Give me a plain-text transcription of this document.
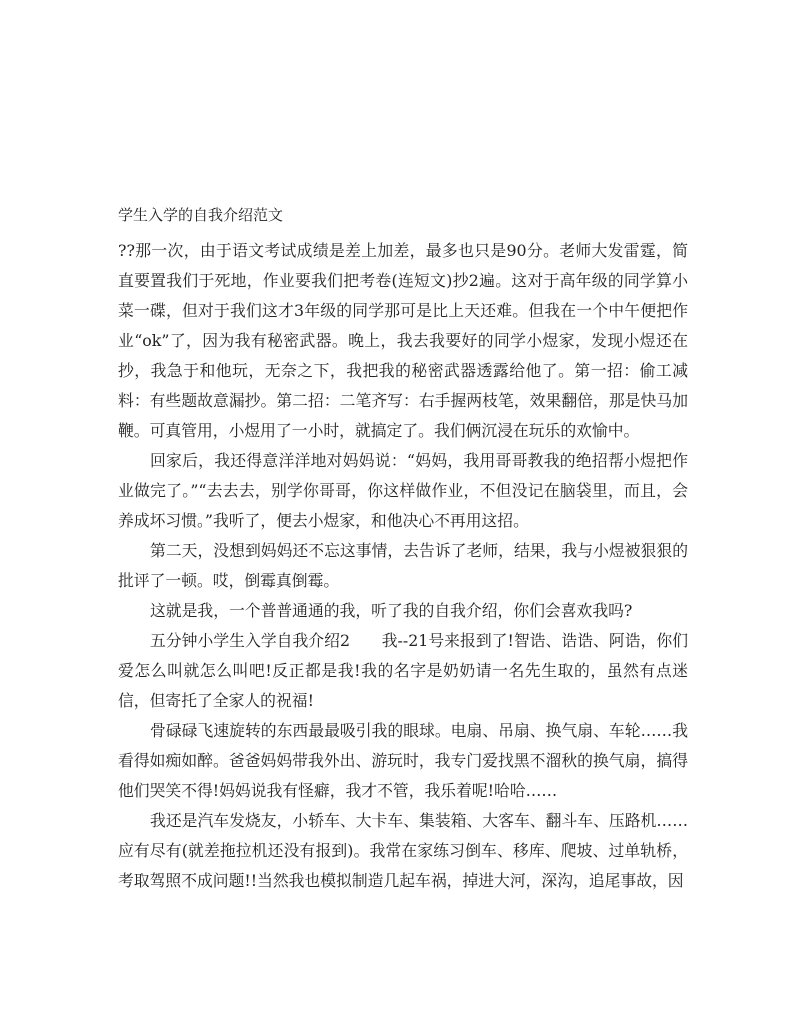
学生入学的自我介绍范文

??那一次，由于语文考试成绩是差上加差，最多也只是90分。老师大发雷霆，简直要置我们于死地，作业要我们把考卷(连短文)抄2遍。这对于高年级的同学算小菜一碟，但对于我们这才3年级的同学那可是比上天还难。但我在一个中午便把作业“ok”了，因为我有秘密武器。晚上，我去我要好的同学小煜家，发现小煜还在抄，我急于和他玩，无奈之下，我把我的秘密武器透露给他了。第一招：偷工减料：有些题故意漏抄。第二招：二笔齐写：右手握两枝笔，效果翻倍，那是快马加鞭。可真管用，小煜用了一小时，就搞定了。我们俩沉浸在玩乐的欢愉中。

回家后，我还得意洋洋地对妈妈说：“妈妈，我用哥哥教我的绝招帮小煜把作业做完了。”“去去去，别学你哥哥，你这样做作业，不但没记在脑袋里，而且，会养成坏习惯。”我听了，便去小煜家，和他决心不再用这招。

第二天，没想到妈妈还不忘这事情，去告诉了老师，结果，我与小煜被狠狠的批评了一顿。哎，倒霉真倒霉。

这就是我，一个普普通通的我，听了我的自我介绍，你们会喜欢我吗?

五分钟小学生入学自我介绍2　　我--21号来报到了!智诰、诰诰、阿诰，你们爱怎么叫就怎么叫吧!反正都是我!我的名字是奶奶请一名先生取的，虽然有点迷信，但寄托了全家人的祝福!

骨碌碌飞速旋转的东西最最吸引我的眼球。电扇、吊扇、换气扇、车轮……我看得如痴如醉。爸爸妈妈带我外出、游玩时，我专门爱找黑不溜秋的换气扇，搞得他们哭笑不得!妈妈说我有怪癖，我才不管，我乐着呢!哈哈……

我还是汽车发烧友，小轿车、大卡车、集装箱、大客车、翻斗车、压路机……应有尽有(就差拖拉机还没有报到)。我常在家练习倒车、移库、爬坡、过单轨桥，考取驾照不成问题!!当然我也模拟制造几起车祸，掉进大河，深沟，追尾事故，因
